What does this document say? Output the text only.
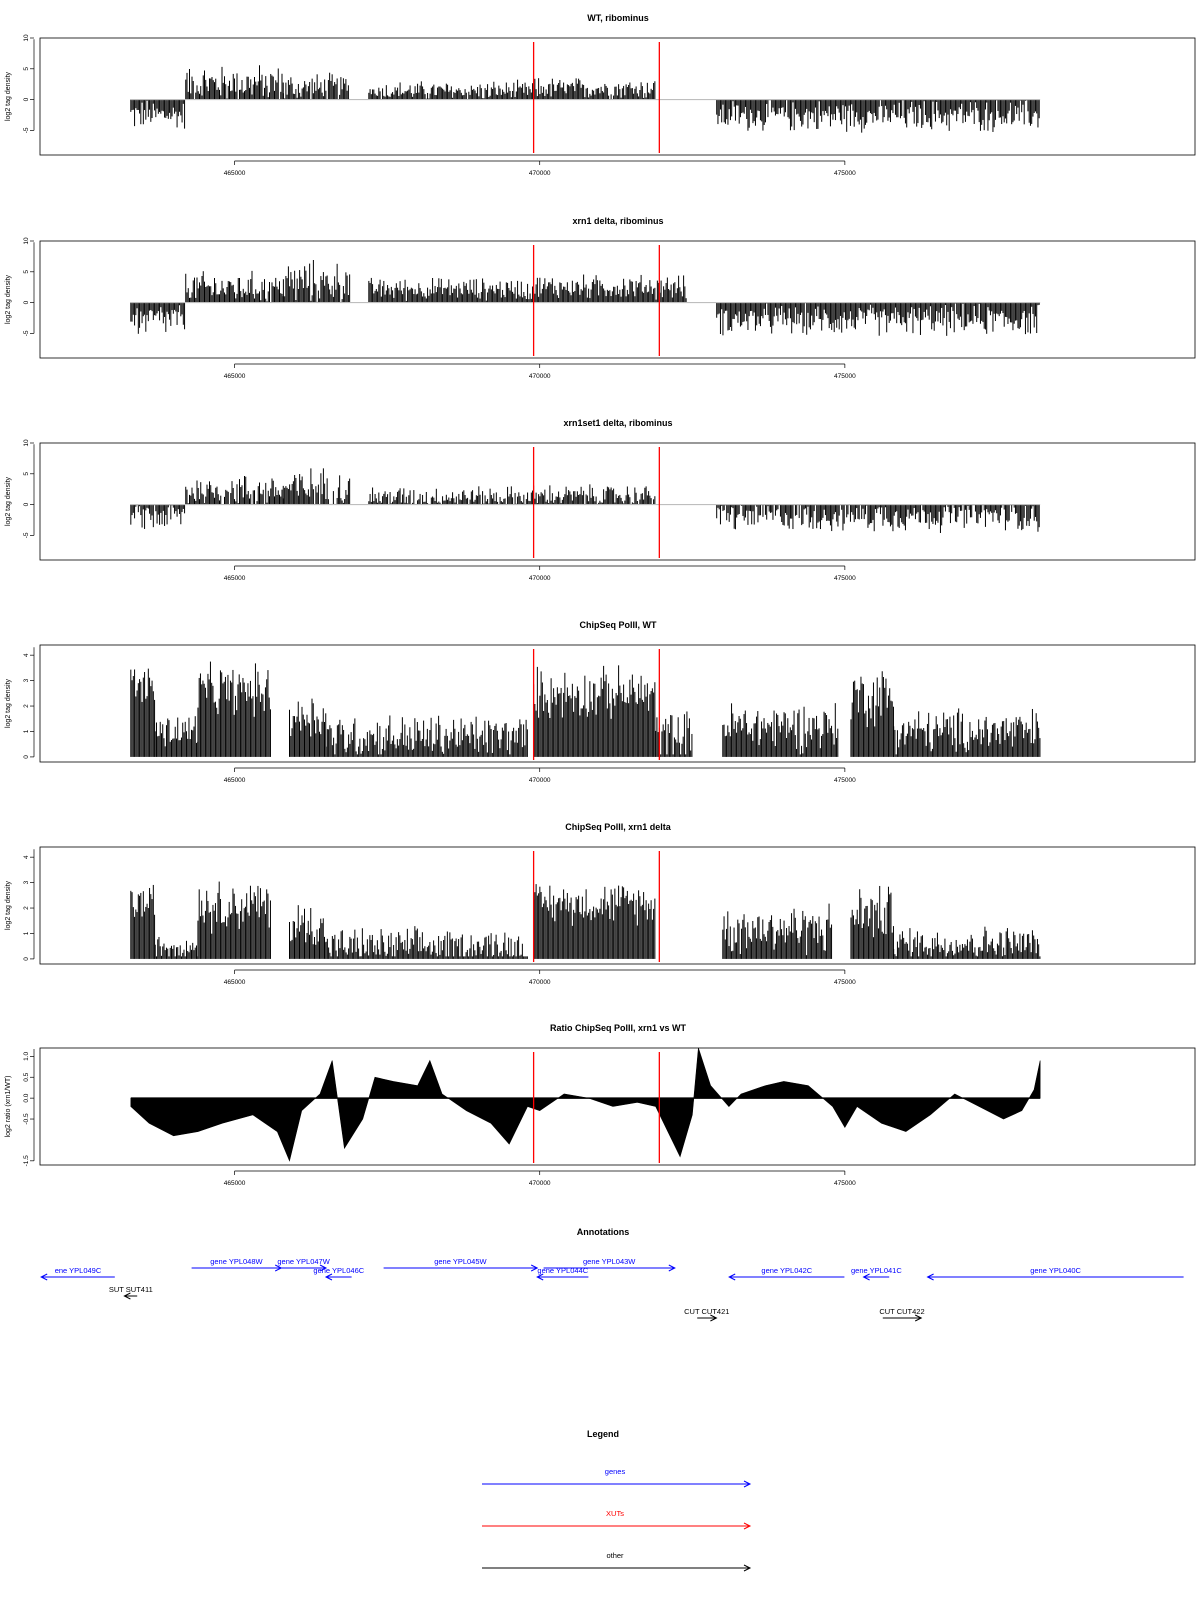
WT, ribominus
10
5
0
-5
log2 tag density
465000	470000	475000
xrn1 delta, ribominus
10
5
0
-5
log2 tag density
465000	470000	475000
xrn1set1 delta, ribominus
10
5
0
-5
log2 tag density
465000	470000	475000
ChipSeq PolII, WT
4
3
2
1
0
log2 tag density
465000	470000	475000
ChipSeq PolII, xrn1 delta
4
3
2
1
0
log2 tag density
465000	470000	475000
Ratio ChipSeq PolII, xrn1 vs WT
1.0
0.5
0.0
-0.5
-1.5
log2 ratio (xrn1/WT)
465000	470000	475000
Annotations
ene YPL049C
gene YPL048W gene YPL047W
gene YPL046C
gene YPL045W
gene YPL044C
gene YPL043W
gene YPL042C	gene YPL041C	gene YPL040C
SUT SUT411
CUT CUT421	CUT CUT422
Legend
genes
XUTs
other
